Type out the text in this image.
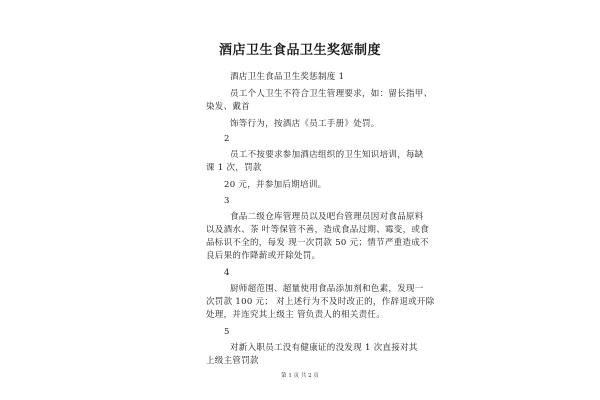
酒店卫生食品卫生奖惩制度
酒店卫生食品卫生奖惩制度 1
员工个人卫生不符合卫生管理要求，如：留长指甲、
染发、戴首
饰等行为，按酒店《员工手册》处罚。
2
员工不按要求参加酒店组织的卫生知识培训，每缺
课 1 次，罚款
20 元，并参加后期培训。
3
食品二级仓库管理员以及吧台管理员因对食品原料
以及酒水、茶 叶等保管不善，造成食品过期、霉变，或食
品标识不全的，每发 现一次罚款 50 元；情节严重造成不
良后果的作降薪或开除处罚。
4
厨师超范围、超量使用食品添加剂和色素，发现一
次罚款 100 元； 对上述行为不及时改正的，作辞退或开除
处理，并连究其上级主 管负责人的相关责任。
5
对新入职员工没有健康证的没发现 1 次直接对其
上级主管罚款
第 1 页 共 2 页
